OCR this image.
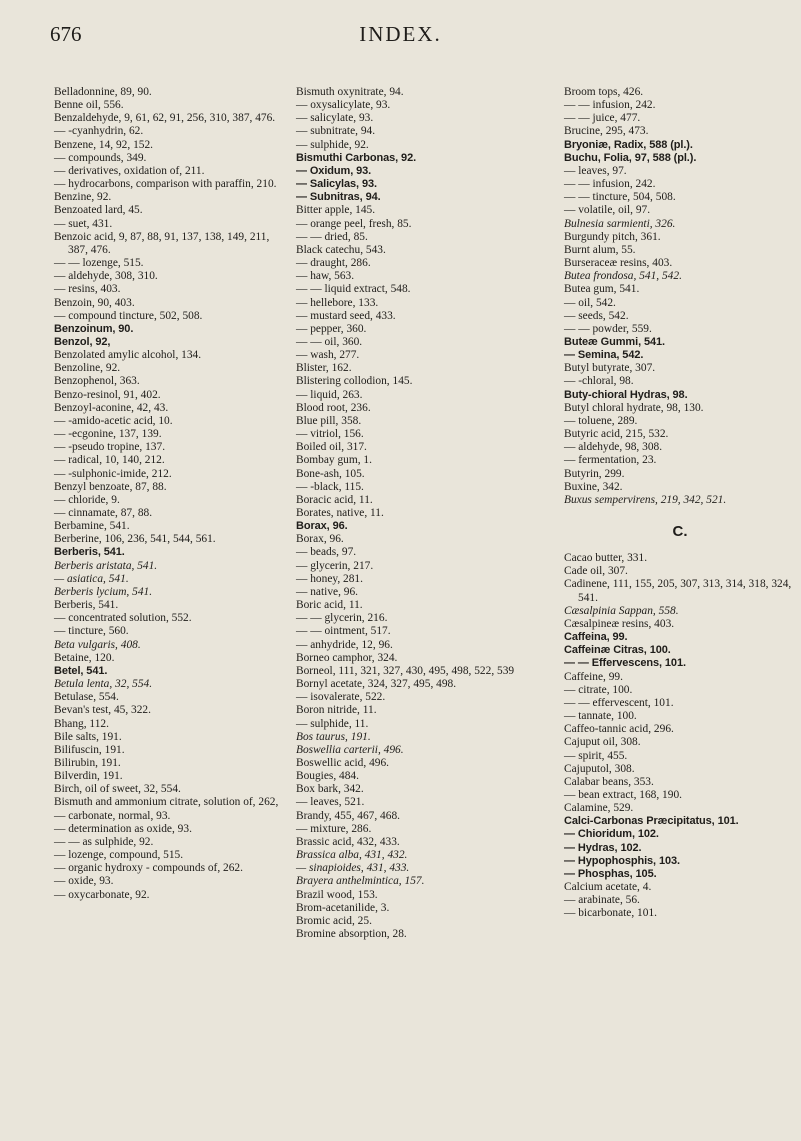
676	INDEX.
Belladonnine, 89, 90.
Benne oil, 556.
Benzaldehyde, 9, 61, 62, 91, 256, 310, 387, 476.
— -cyanhydrin, 62.
Benzene, 14, 92, 152.
— compounds, 349.
— derivatives, oxidation of, 211.
— hydrocarbons, comparison with paraffin, 210.
Benzine, 92.
Benzoated lard, 45.
— suet, 431.
Benzoic acid, 9, 87, 88, 91, 137, 138, 149, 211, 387, 476.
— — lozenge, 515.
— aldehyde, 308, 310.
— resins, 403.
Benzoin, 90, 403.
— compound tincture, 502, 508.
Benzoinum, 90.
Benzol, 92,
Benzolated amylic alcohol, 134.
Benzoline, 92.
Benzophenol, 363.
Benzo-resinol, 91, 402.
Benzoyl-aconine, 42, 43.
— -amido-acetic acid, 10.
— -ecgonine, 137, 139.
— -pseudo tropine, 137.
— radical, 10, 140, 212.
— -sulphonic-imide, 212.
Benzyl benzoate, 87, 88.
— chloride, 9.
— cinnamate, 87, 88.
Berbamine, 541.
Berberine, 106, 236, 541, 544, 561.
Berberis, 541.
Berberis aristata, 541.
— asiatica, 541.
Berberis lycium, 541.
Berberis, 541.
— concentrated solution, 552.
— tincture, 560.
Beta vulgaris, 408.
Betaine, 120.
Betel, 541.
Betula lenta, 32, 554.
Betulase, 554.
Bevan's test, 45, 322.
Bhang, 112.
Bile salts, 191.
Bilifuscin, 191.
Bilirubin, 191.
Bilverdin, 191.
Birch, oil of sweet, 32, 554.
Bismuth and ammonium citrate, solution of, 262,
— carbonate, normal, 93.
— determination as oxide, 93.
— — as sulphide, 92.
— lozenge, compound, 515.
— organic hydroxy - compounds of, 262.
— oxide, 93.
— oxycarbonate, 92.
Bismuth oxynitrate, 94.
— oxysalicylate, 93.
— salicylate, 93.
— subnitrate, 94.
— sulphide, 92.
Bismuthi Carbonas, 92.
— Oxidum, 93.
— Salicylas, 93.
— Subnitras, 94.
Bitter apple, 145.
— orange peel, fresh, 85.
— — dried, 85.
Black catechu, 543.
— draught, 286.
— haw, 563.
— — liquid extract, 548.
— hellebore, 133.
— mustard seed, 433.
— pepper, 360.
— — oil, 360.
— wash, 277.
Blister, 162.
Blistering collodion, 145.
— liquid, 263.
Blood root, 236.
Blue pill, 358.
— vitriol, 156.
Boiled oil, 317.
Bombay gum, 1.
Bone-ash, 105.
— -black, 115.
Boracic acid, 11.
Borates, native, 11.
Borax, 96.
Borax, 96.
— beads, 97.
— glycerin, 217.
— honey, 281.
— native, 96.
Boric acid, 11.
— — glycerin, 216.
— — ointment, 517.
— anhydride, 12, 96.
Borneo camphor, 324.
Borneol, 111, 321, 327, 430, 495, 498, 522, 539
Bornyl acetate, 324, 327, 495, 498.
— isovalerate, 522.
Boron nitride, 11.
— sulphide, 11.
Bos taurus, 191.
Boswellia carterii, 496.
Boswellic acid, 496.
Bougies, 484.
Box bark, 342.
— leaves, 521.
Brandy, 455, 467, 468.
— mixture, 286.
Brassic acid, 432, 433.
Brassica alba, 431, 432.
— sinapioides, 431, 433.
Brayera anthelmintica, 157.
Brazil wood, 153.
Brom-acetanilide, 3.
Bromic acid, 25.
Bromine absorption, 28.
Broom tops, 426.
— — infusion, 242.
— — juice, 477.
Brucine, 295, 473.
Bryoniæ, Radix, 588 (pl.).
Buchu, Folia, 97, 588 (pl.).
— leaves, 97.
— — infusion, 242.
— — tincture, 504, 508.
— volatile, oil, 97.
Bulnesia sarmienti, 326.
Burgundy pitch, 361.
Burnt alum, 55.
Burseraceæ resins, 403.
Butea frondosa, 541, 542.
Butea gum, 541.
— oil, 542.
— seeds, 542.
— — powder, 559.
Buteæ Gummi, 541.
— Semina, 542.
Butyl butyrate, 307.
— -chloral, 98.
Buty-chioral Hydras, 98.
Butyl chloral hydrate, 98, 130.
— toluene, 289.
Butyric acid, 215, 532.
— aldehyde, 98, 308.
— fermentation, 23.
Butyrin, 299.
Buxine, 342.
Buxus sempervirens, 219, 342, 521.
C.
Cacao butter, 331.
Cade oil, 307.
Cadinene, 111, 155, 205, 307, 313, 314, 318, 324, 541.
Cæsalpinia Sappan, 558.
Cæsalpineæ resins, 403.
Caffeina, 99.
Caffeinæ Citras, 100.
— — Effervescens, 101.
Caffeine, 99.
— citrate, 100.
— — effervescent, 101.
— tannate, 100.
Caffeo-tannic acid, 296.
Cajuput oil, 308.
— spirit, 455.
Cajuputol, 308.
Calabar beans, 353.
— bean extract, 168, 190.
Calamine, 529.
Calci-Carbonas Præcipitatus, 101.
— Chioridum, 102.
— Hydras, 102.
— Hypophosphis, 103.
— Phosphas, 105.
Calcium acetate, 4.
— arabinate, 56.
— bicarbonate, 101.
